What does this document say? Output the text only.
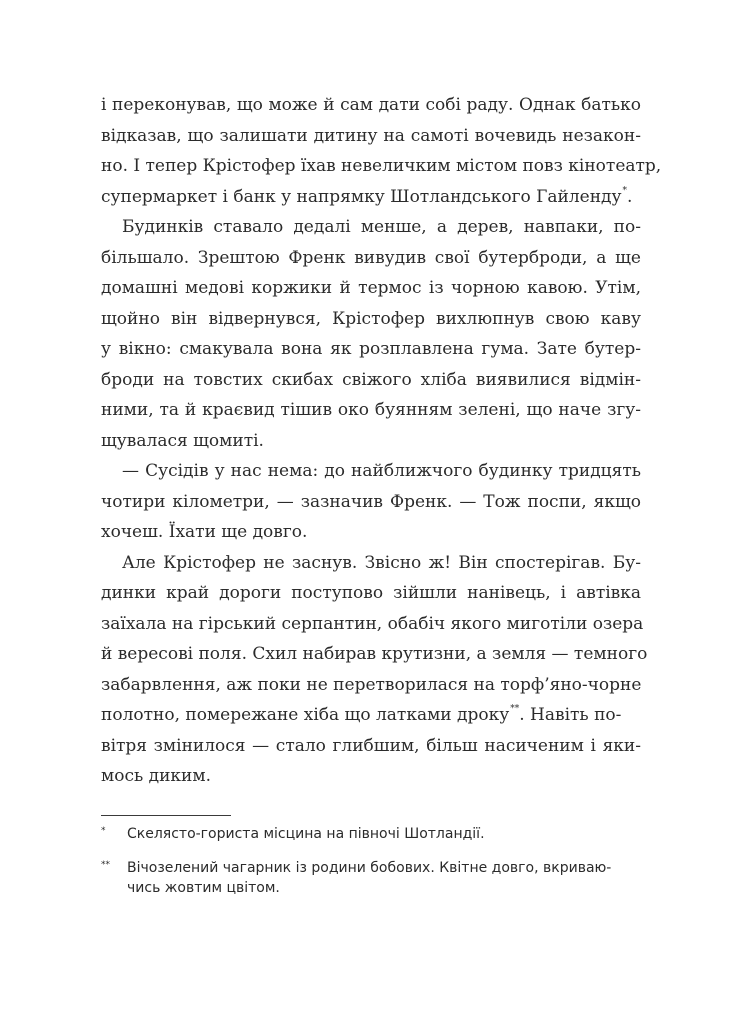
і переконував, що може й сам дати собі раду. Однак батько
відказав, що залишати дитину на самоті вочевидь незакон-
но. І тепер Крістофер їхав невеличким містом повз кінотеатр,
супермаркет і банк у напрямку Шотландського Гайленду*.
Будинків ставало дедалі менше, а дерев, навпаки, по-
більшало. Зрештою Френк вивудив свої бутерброди, а ще
домашні медові коржики й термос із чорною кавою. Утім,
щойно він відвернувся, Крістофер вихлюпнув свою каву
у вікно: смакувала вона як розплавлена гума. Зате бутер-
броди на товстих скибах свіжого хліба виявилися відмін-
ними, та й краєвид тішив око буянням зелені, що наче згу-
щувалася щомиті.
— Сусідів у нас нема: до найближчого будинку тридцять
чотири кілометри, — зазначив Френк. — Тож поспи, якщо
хочеш. Їхати ще довго.
Але Крістофер не заснув. Звісно ж! Він спостерігав. Бу-
динки край дороги поступово зійшли нанівець, і автівка
заїхала на гірський серпантин, обабіч якого миготіли озера
й вересові поля. Схил набирав крутизни, а земля — темного
забарвлення, аж поки не перетворилася на торф’яно-чорне
полотно, помережане хіба що латками дроку**. Навіть по-
вітря змінилося — стало глибшим, більш насиченим і яки-
мось диким.
* Скелясто-гориста місцина на півночі Шотландії.
** Вічозелений чагарник із родини бобових. Квітне довго, вкриваю-
чись жовтим цвітом.
